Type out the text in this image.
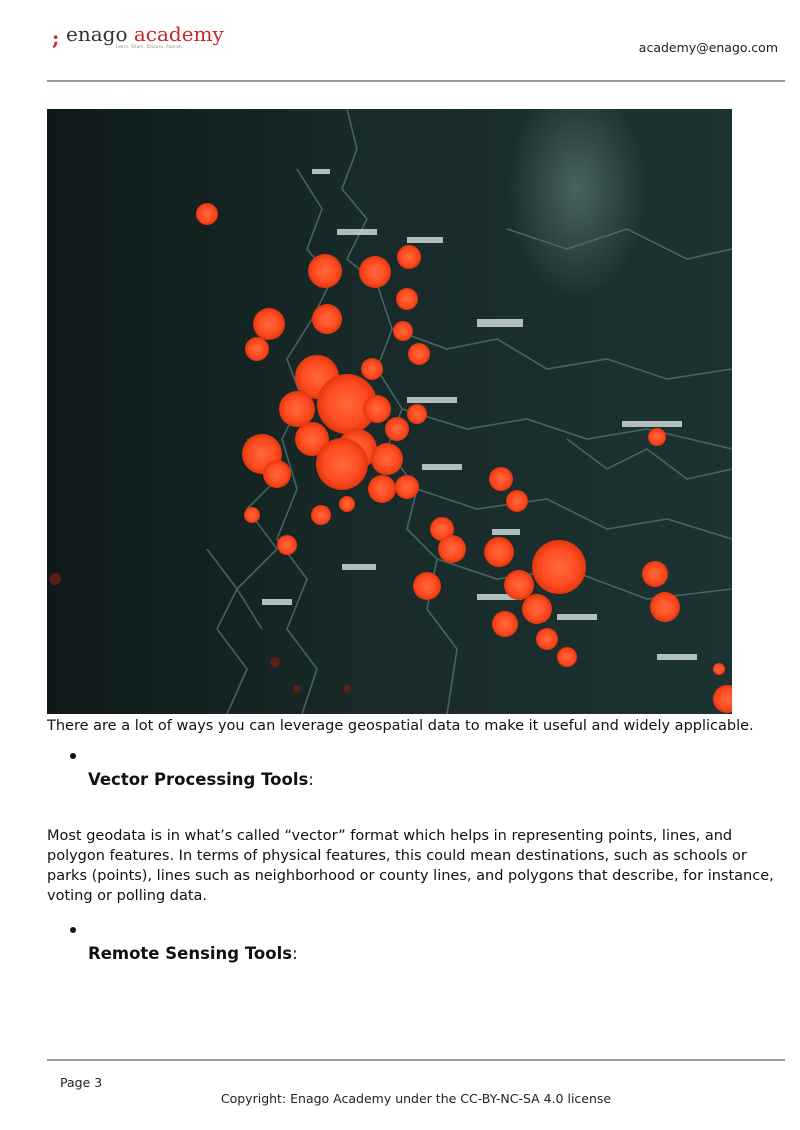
; enago academy
Learn. Share. Discuss. Publish.	academy@enago.com

There are a lot of ways you can leverage geospatial data to make it useful and widely applicable.

Vector Processing Tools:

Most geodata is in what’s called “vector” format which helps in representing points, lines, and polygon features. In terms of physical features, this could mean destinations, such as schools or parks (points), lines such as neighborhood or county lines, and polygons that describe, for instance, voting or polling data.

Remote Sensing Tools:
Page 3
Copyright: Enago Academy under the CC-BY-NC-SA 4.0 license
